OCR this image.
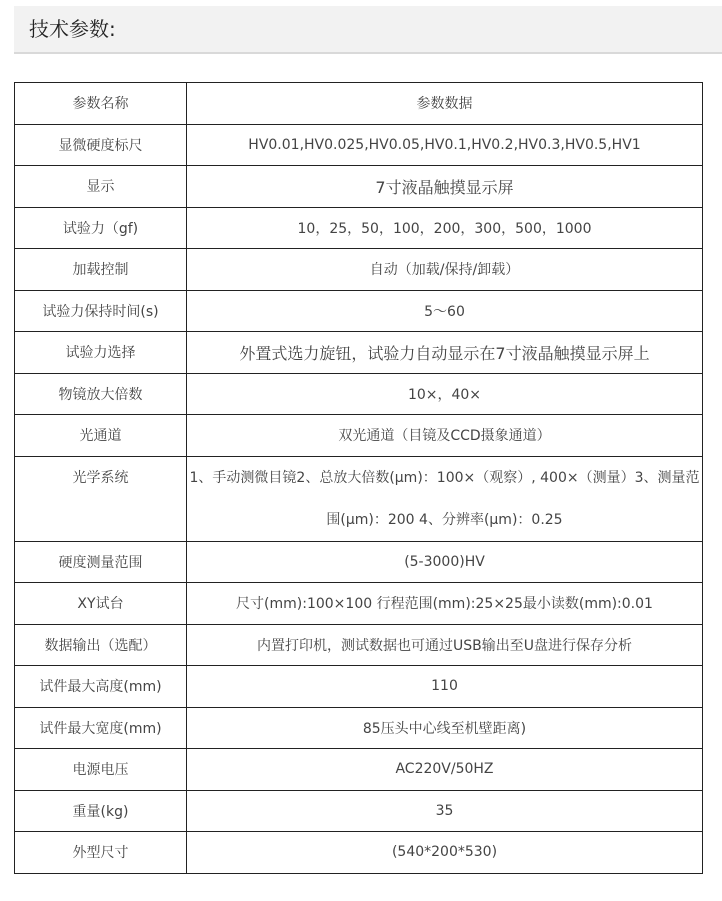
技术参数:
参数名称	参数数据
显微硬度标尺	HV0.01,HV0.025,HV0.05,HV0.1,HV0.2,HV0.3,HV0.5,HV1
显示	7寸液晶触摸显示屏
试验力（gf)	10，25，50，100，200，300，500，1000
加载控制	自动（加载/保持/卸载）
试验力保持时间(s)	5～60
试验力选择	外置式选力旋钮，试验力自动显示在7寸液晶触摸显示屏上
物镜放大倍数	10×，40×
光通道	双光通道（目镜及CCD摄象通道）
光学系统	1、手动测微目镜2、总放大倍数(μm)：100×（观察）, 400×（测量）3、测量范围(μm)：200 4、分辨率(μm)：0.25
硬度测量范围	(5-3000)HV
XY试台	尺寸(mm):100×100 行程范围(mm):25×25最小读数(mm):0.01
数据输出（选配）	内置打印机，测试数据也可通过USB输出至U盘进行保存分析
试件最大高度(mm)	110
试件最大宽度(mm)	85压头中心线至机壁距离)
电源电压	AC220V/50HZ
重量(kg)	35
外型尺寸	(540*200*530)
